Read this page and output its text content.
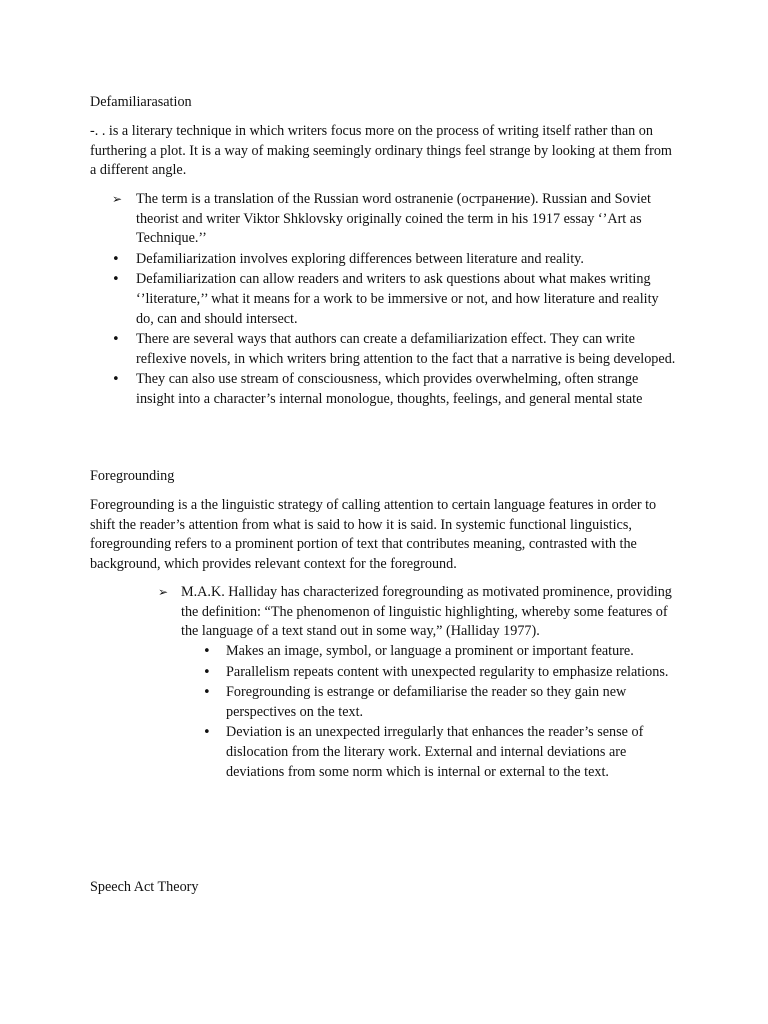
Defamiliarasation

-. . is a literary technique in which writers focus more on the process of writing itself rather than on furthering a plot. It is a way of making seemingly ordinary things feel strange by looking at them from a different angle.

➢ The term is a translation of the Russian word ostranenie (остранение). Russian and Soviet theorist and writer Viktor Shklovsky originally coined the term in his 1917 essay ‘’Art as Technique.’’
•	Defamiliarization involves exploring differences between literature and reality.
•	Defamiliarization can allow readers and writers to ask questions about what makes writing ‘’literature,’’ what it means for a work to be immersive or not, and how literature and reality do, can and should intersect.
•	There are several ways that authors can create a defamiliarization effect. They can write reflexive novels, in which writers bring attention to the fact that a narrative is being developed.
•	They can also use stream of consciousness, which provides overwhelming, often strange insight into a character’s internal monologue, thoughts, feelings, and general mental state
Foregrounding

Foregrounding is a the linguistic strategy of calling attention to certain language features in order to shift the reader’s attention from what is said to how it is said. In systemic functional linguistics, foregrounding refers to a prominent portion of text that contributes meaning, contrasted with the background, which provides relevant context for the foreground.

➢ M.A.K. Halliday has characterized foregrounding as motivated prominence, providing the definition: “The phenomenon of linguistic highlighting, whereby some features of the language of a text stand out in some way,” (Halliday 1977).
•	Makes an image, symbol, or language a prominent or important feature.
•	Parallelism repeats content with unexpected regularity to emphasize relations.
•	Foregrounding is estrange or defamiliarise the reader so they gain new perspectives on the text.
•	Deviation is an unexpected irregularly that enhances the reader’s sense of dislocation from the literary work. External and internal deviations are deviations from some norm which is internal or external to the text.
Speech Act Theory
